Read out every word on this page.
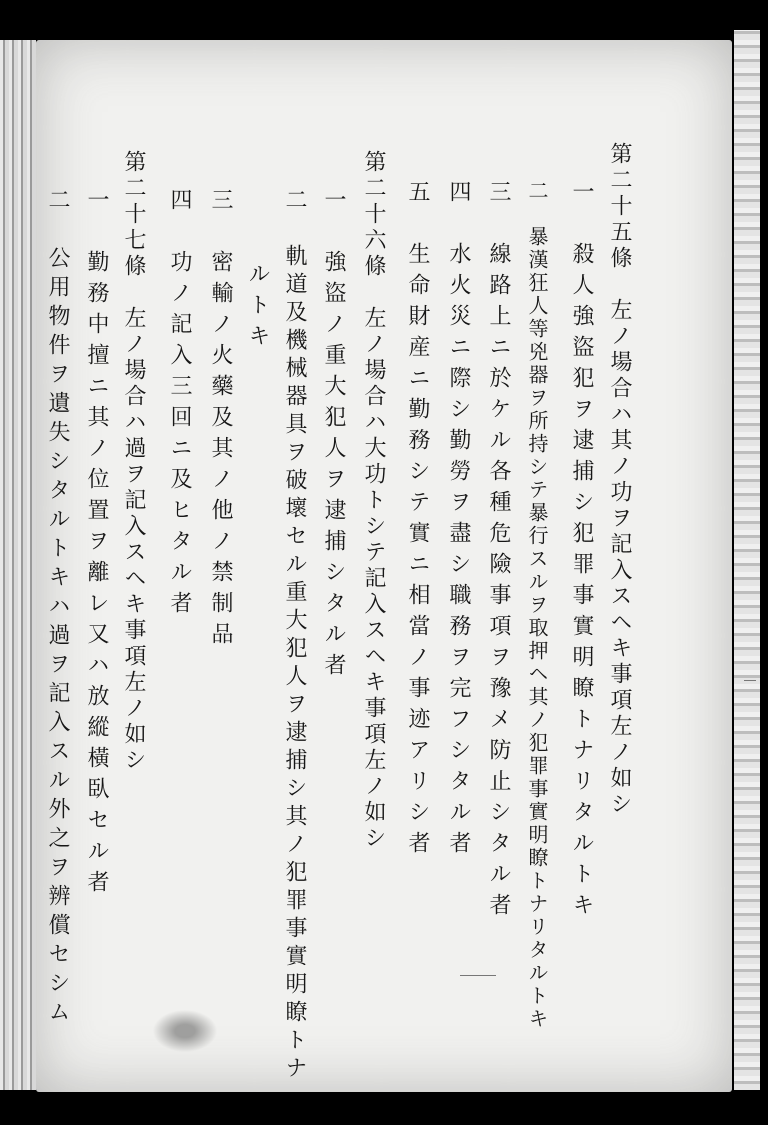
第二十五條　左ノ場合ハ其ノ功ヲ記入スヘキ事項左ノ如シ
一　殺人強盜犯ヲ逮捕シ犯罪事實明瞭トナリタルトキ
二　暴漢狂人等兇器ヲ所持シテ暴行スルヲ取押ヘ其ノ犯罪事實明瞭トナリタルトキ
三　線路上ニ於ケル各種危險事項ヲ豫メ防止シタル者
四　水火災ニ際シ勤勞ヲ盡シ職務ヲ完フシタル者
五　生命財産ニ勤務シテ實ニ相當ノ事迹アリシ者
第二十六條　左ノ場合ハ大功トシテ記入スヘキ事項左ノ如シ
一　強盜ノ重大犯人ヲ逮捕シタル者
二　軌道及機械器具ヲ破壞セル重大犯人ヲ逮捕シ其ノ犯罪事實明瞭トナ
ルトキ
三　密輸ノ火藥及其ノ他ノ禁制品
四　功ノ記入三回ニ及ヒタル者
第二十七條　左ノ場合ハ過ヲ記入スヘキ事項左ノ如シ
一　勤務中擅ニ其ノ位置ヲ離レ又ハ放縱橫臥セル者
二　公用物件ヲ遺失シタルトキハ過ヲ記入スル外之ヲ辨償セシム
